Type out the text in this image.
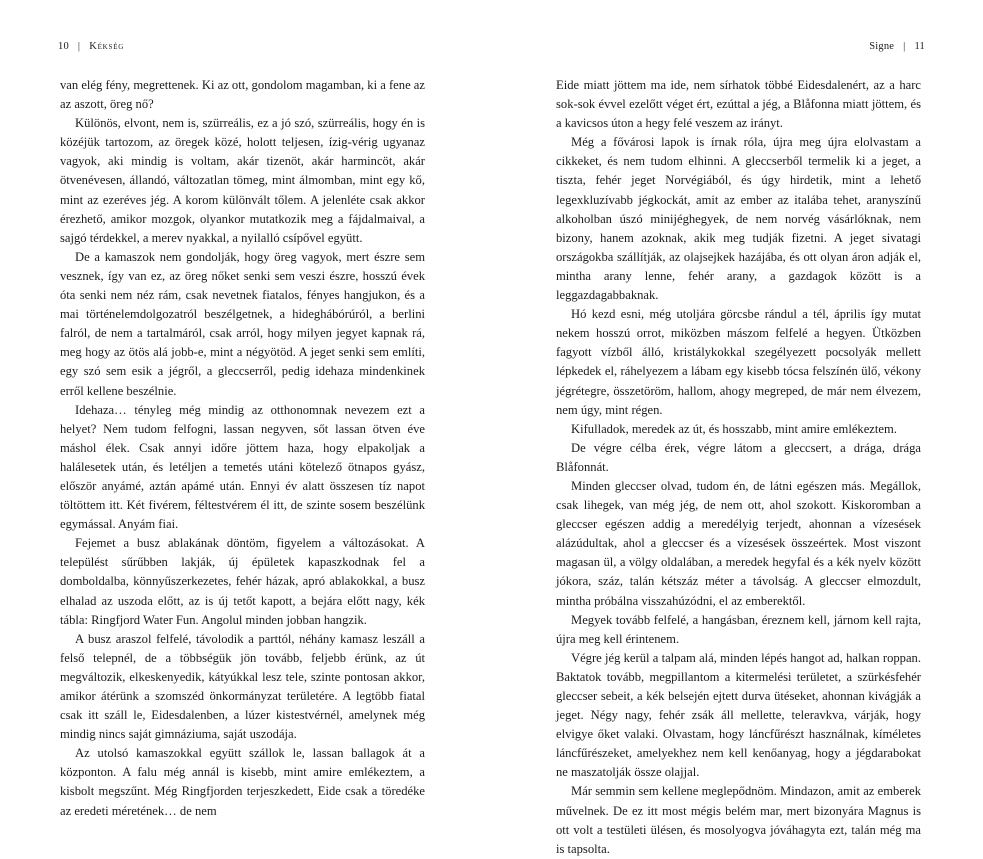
10 | Kékség

van elég fény, megrettenek. Ki az ott, gondolom magamban, ki a fene az az aszott, öreg nő?

Különös, elvont, nem is, szürreális, ez a jó szó, szürreális, hogy én is közéjük tartozom, az öregek közé, holott teljesen, ízig-vérig ugyanaz vagyok, aki mindig is voltam, akár tizenöt, akár harmincöt, akár ötvenévesen, állandó, változatlan tömeg, mint álmomban, mint egy kő, mint az ezeréves jég. A korom különvált tőlem. A jelenléte csak akkor érezhető, amikor mozgok, olyankor mutatkozik meg a fájdalmaival, a sajgó térdekkel, a merev nyakkal, a nyilalló csípővel együtt.

De a kamaszok nem gondolják, hogy öreg vagyok, mert észre sem vesznek, így van ez, az öreg nőket senki sem veszi észre, hosszú évek óta senki nem néz rám, csak nevetnek fiatalos, fényes hangjukon, és a mai történelemdolgozatról beszélgetnek, a hideghábórúról, a berlini falról, de nem a tartalmáról, csak arról, hogy milyen jegyet kapnak rá, meg hogy az ötös alá jobb-e, mint a négyötöd. A jeget senki sem említi, egy szó sem esik a jégről, a gleccserről, pedig idehaza mindenkinek erről kellene beszélnie.

Idehaza… tényleg még mindig az otthonomnak nevezem ezt a helyet? Nem tudom felfogni, lassan negyven, sőt lassan ötven éve máshol élek. Csak annyi időre jöttem haza, hogy elpakoljak a halálesetek után, és letéljen a temetés utáni kötelező ötnapos gyász, először anyámé, aztán apámé után. Ennyi év alatt összesen tíz napot töltöttem itt. Két fivérem, féltestvérem él itt, de szinte sosem beszélünk egymással. Anyám fiai.

Fejemet a busz ablakának döntöm, figyelem a változásokat. A települést sűrűbben lakják, új épületek kapaszkodnak fel a domboldalba, könnyűszerkezetes, fehér házak, apró ablakokkal, a busz elhalad az uszoda előtt, az is új tetőt kapott, a bejára előtt nagy, kék tábla: Ringfjord Water Fun. Angolul minden jobban hangzik.

A busz araszol felfelé, távolodik a parttól, néhány kamasz leszáll a felső telepnél, de a többségük jön tovább, feljebb érünk, az út megváltozik, elkeskenyedik, kátyúkkal lesz tele, szinte pontosan akkor, amikor átérünk a szomszéd önkormányzat területére. A legtöbb fiatal csak itt száll le, Eidesdalenben, a lúzer kistestvérnél, amelynek még mindig nincs saját gimnáziuma, saját uszodája.

Az utolsó kamaszokkal együtt szállok le, lassan ballagok át a központon. A falu még annál is kisebb, mint amire emlékeztem, a kisbolt megszűnt. Még Ringfjorden terjeszkedett, Eide csak a töredéke az eredeti méretének… de nem

Signe | 11

Eide miatt jöttem ma ide, nem sírhatok többé Eidesdalenért, az a harc sok-sok évvel ezelőtt véget ért, ezúttal a jég, a Blåfonna miatt jöttem, és a kavicsos úton a hegy felé veszem az irányt.

Még a fővárosi lapok is írnak róla, újra meg újra elolvastam a cikkeket, és nem tudom elhinni. A gleccserből termelik ki a jeget, a tiszta, fehér jeget Norvégiából, és úgy hirdetik, mint a lehető legexkluzívabb jégkockát, amit az ember az italába tehet, aranyszínű alkoholban úszó minijéghegyek, de nem norvég vásárlóknak, nem bizony, hanem azoknak, akik meg tudják fizetni. A jeget sivatagi országokba szállítják, az olajsejkek hazájába, és ott olyan áron adják el, mintha arany lenne, fehér arany, a gazdagok között is a leggazdagabbaknak.

Hó kezd esni, még utoljára görcsbe rándul a tél, április így mutat nekem hosszú orrot, miközben mászom felfelé a hegyen. Ütközben fagyott vízből álló, kristálykokkal szegélyezett pocsolyák mellett lépkedek el, ráhelyezem a lábam egy kisebb tócsa felszínén ülő, vékony jégrétegre, összetöröm, hallom, ahogy megreped, de már nem élvezem, nem úgy, mint régen.

Kifulladok, meredek az út, és hosszabb, mint amire emlékeztem.

De végre célba érek, végre látom a gleccsert, a drága, drága Blåfonnát.

Minden gleccser olvad, tudom én, de látni egészen más. Megállok, csak lihegek, van még jég, de nem ott, ahol szokott. Kiskoromban a gleccser egészen addig a meredélyig terjedt, ahonnan a vízesések alázúdultak, ahol a gleccser és a vízesések összeértek. Most viszont magasan ül, a völgy oldalában, a meredek hegyfal és a kék nyelv között jókora, száz, talán kétszáz méter a távolság. A gleccser elmozdult, mintha próbálna visszahúzódni, el az emberektől.

Megyek tovább felfelé, a hangásban, éreznem kell, járnom kell rajta, újra meg kell érintenem.

Végre jég kerül a talpam alá, minden lépés hangot ad, halkan roppan. Baktatok tovább, megpillantom a kitermelési területet, a szürkésfehér gleccser sebeit, a kék belsején ejtett durva ütéseket, ahonnan kivágják a jeget. Négy nagy, fehér zsák áll mellette, teleravkva, várják, hogy elvigye őket valaki. Olvastam, hogy láncfűrészt használnak, kíméletes láncfűrészeket, amelyekhez nem kell kenőanyag, hogy a jégdarabokat ne maszatolják össze olajjal.

Már semmin sem kellene meglepődnöm. Mindazon, amit az emberek művelnek. De ez itt most mégis belém mar, mert bizonyára Magnus is ott volt a testületi ülésen, és mosolyogva jóváhagyta ezt, talán még ma is tapsolta.
